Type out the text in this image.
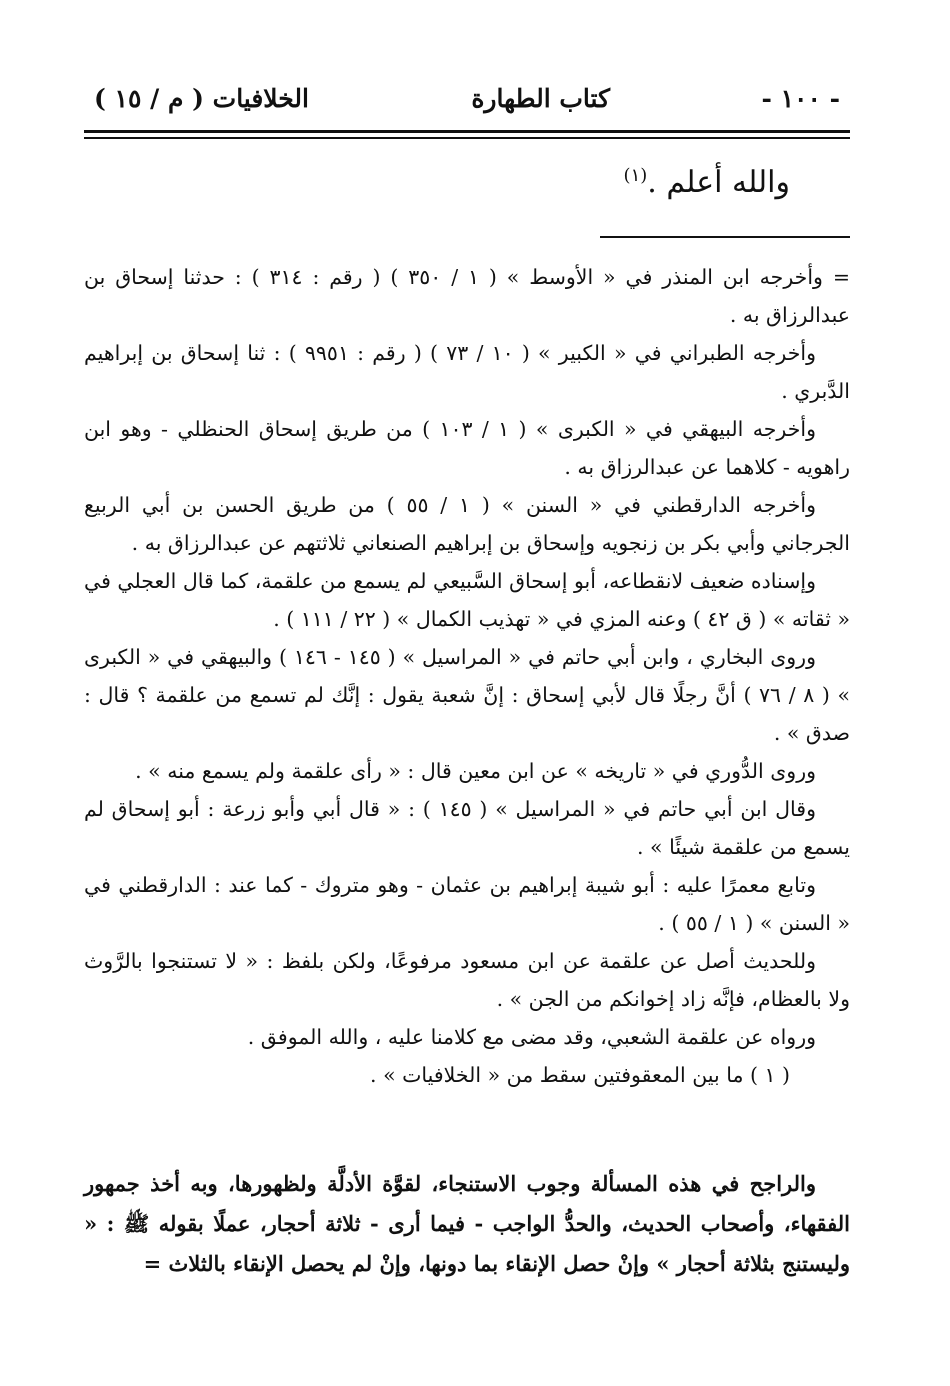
- ١٠٠ -
كتاب الطهارة
الخلافيات ( م / ١٥ )
والله أعلم .$^{(١)}$

= وأخرجه ابن المنذر في « الأوسط » ( ١ / ٣٥٠ ) ( رقم : ٣١٤ ) : حدثنا إسحاق بن عبدالرزاق به .

وأخرجه الطبراني في « الكبير » ( ١٠ / ٧٣ ) ( رقم : ٩٩٥١ ) : ثنا إسحاق بن إبراهيم الدَّبري .

وأخرجه البيهقي في « الكبرى » ( ١ / ١٠٣ ) من طريق إسحاق الحنظلي - وهو ابن راهويه - كلاهما عن عبدالرزاق به .

وأخرجه الدارقطني في « السنن » ( ١ / ٥٥ ) من طريق الحسن بن أبي الربيع الجرجاني وأبي بكر بن زنجويه وإسحاق بن إبراهيم الصنعاني ثلاثتهم عن عبدالرزاق به .

وإسناده ضعيف لانقطاعه، أبو إسحاق السَّبيعي لم يسمع من علقمة، كما قال العجلي في « ثقاته » ( ق ٤٢ ) وعنه المزي في « تهذيب الكمال » ( ٢٢ / ١١١ ) .

وروى البخاري ، وابن أبي حاتم في « المراسيل » ( ١٤٥ - ١٤٦ ) والبيهقي في « الكبرى » ( ٨ / ٧٦ ) أنَّ رجلًا قال لأبي إسحاق : إنَّ شعبة يقول : إنَّك لم تسمع من علقمة ؟ قال : صدق » .

وروى الدُّوري في « تاريخه » عن ابن معين قال : « رأى علقمة ولم يسمع منه » .

وقال ابن أبي حاتم في « المراسيل » ( ١٤٥ ) : « قال أبي وأبو زرعة : أبو إسحاق لم يسمع من علقمة شيئًا » .

وتابع معمرًا عليه : أبو شيبة إبراهيم بن عثمان - وهو متروك - كما عند : الدارقطني في « السنن » ( ١ / ٥٥ ) .

وللحديث أصل عن علقمة عن ابن مسعود مرفوعًا، ولكن بلفظ : « لا تستنجوا بالرَّوث ولا بالعظام، فإنَّه زاد إخوانكم من الجن » .

ورواه عن علقمة الشعبي، وقد مضى مع كلامنا عليه ، والله الموفق .

( ١ ) ما بين المعقوفتين سقط من « الخلافيات » .

والراجح في هذه المسألة وجوب الاستنجاء، لقوَّة الأدلَّة ولظهورها، وبه أخذ جمهور الفقهاء، وأصحاب الحديث، والحدُّ الواجب - فيما أرى - ثلاثة أحجار، عملًا بقوله ﷺ : « وليستنج بثلاثة أحجار » وإنْ حصل الإنقاء بما دونها، وإنْ لم يحصل الإنقاء بالثلاث =
